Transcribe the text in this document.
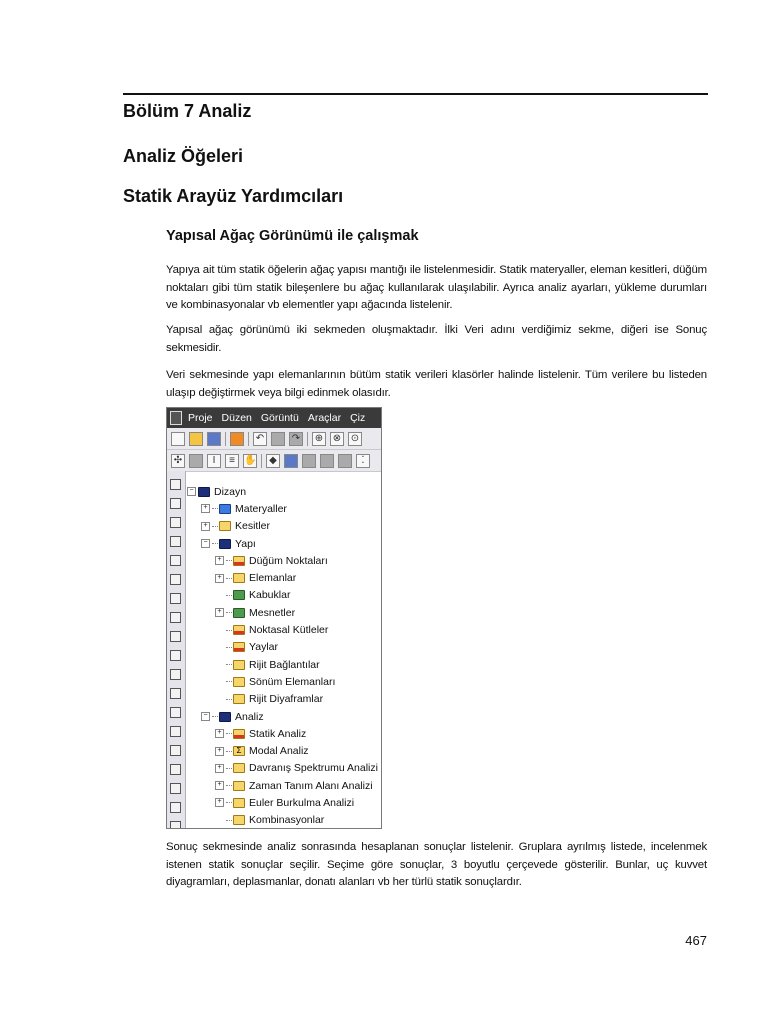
Bölüm 7 Analiz
Analiz Öğeleri
Statik Arayüz Yardımcıları
Yapısal Ağaç Görünümü ile çalışmak

Yapıya ait tüm statik öğelerin ağaç yapısı mantığı ile listelenmesidir. Statik materyaller, eleman kesitleri, düğüm noktaları gibi tüm statik bileşenlere bu ağaç kullanılarak ulaşılabilir. Ayrıca analiz ayarları, yükleme durumları ve kombinasyonalar vb elementler yapı ağacında listelenir.

Yapısal ağaç görünümü iki sekmeden oluşmaktadır. İlki Veri adını verdiğimiz sekme, diğeri ise Sonuç sekmesidir.

Veri sekmesinde yapı elemanlarının bütüm statik verileri klasörler halinde listelenir. Tüm verilere bu listeden ulaşıp değiştirmek veya bilgi edinmek olasıdır.

Proje Düzen Görüntü Araçlar Çiz
↶	↷ ⊕ ⊗ ⊙
✣	I	≡ ✋	◆	⁚
− Dizayn
+	Materyaller
+	Kesitler
−	Yapı
+	Düğüm Noktaları
+	Elemanlar
Kabuklar
+	Mesnetler
Noktasal Kütleler
Yaylar
Rijit Bağlantılar
Sönüm Elemanları
Rijit Diyaframlar
−	Analiz
+	Statik Analiz
+	Σ Modal Analiz
+	Davranış Spektrumu Analizi
+	Zaman Tanım Alanı Analizi
+	Euler Burkulma Analizi
Kombinasyonlar

Sonuç sekmesinde analiz sonrasında hesaplanan sonuçlar listelenir. Gruplara ayrılmış listede, incelenmek istenen statik sonuçlar seçilir. Seçime göre sonuçlar, 3 boyutlu çerçevede gösterilir. Bunlar, uç kuvvet diyagramları, deplasmanlar, donatı alanları vb her türlü statik sonuçlardır.

467
